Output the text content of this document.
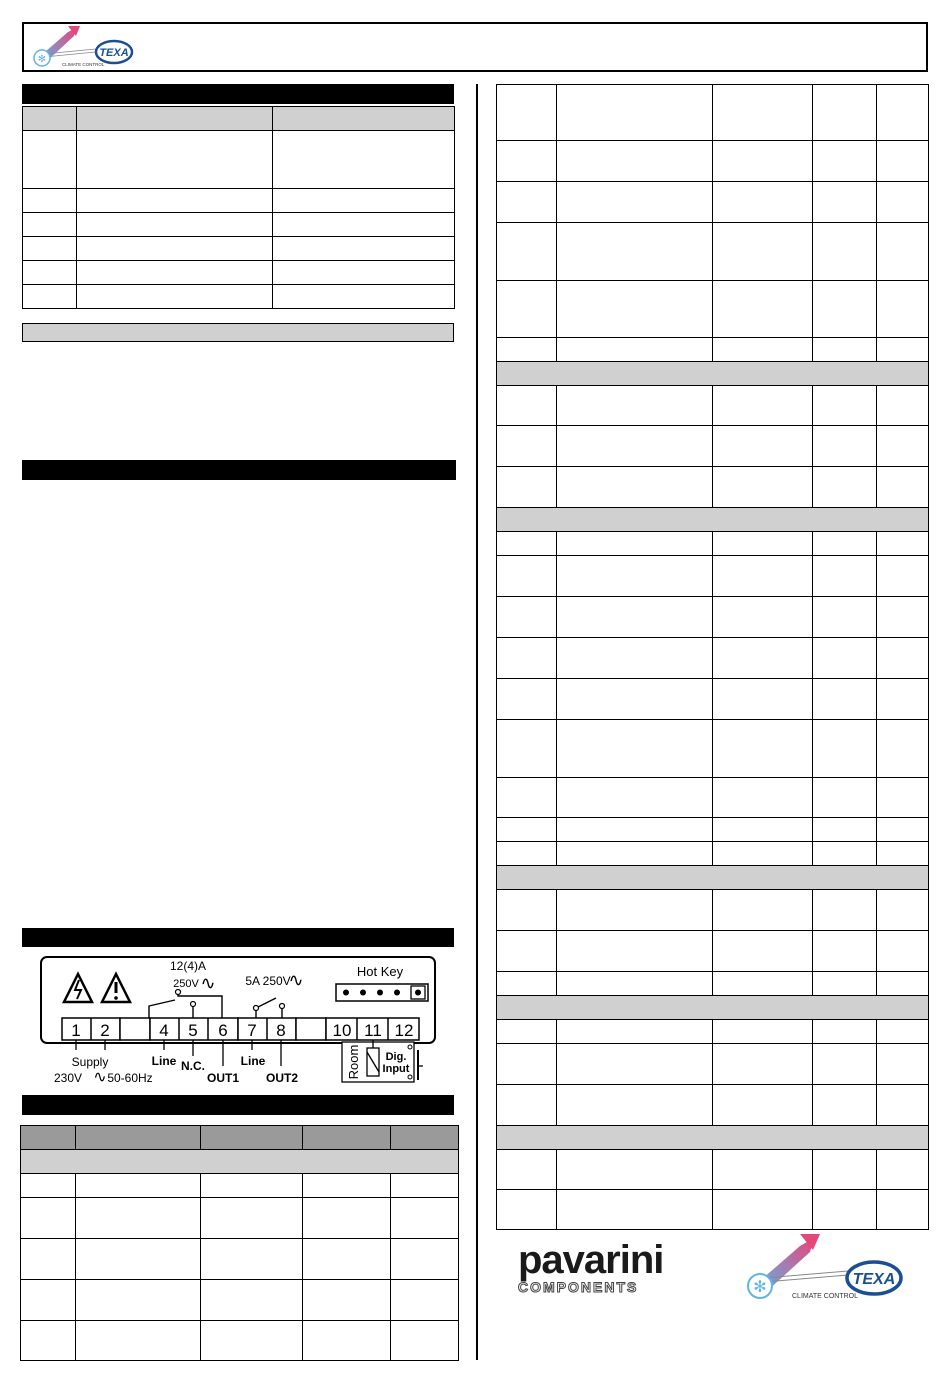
✻
TEXA
CLIMATE CONTROL

12(4)A
250V ∿ 5A 250V
∿	Hot Key
1 2	4 5 6 7 8	10 11 12
Supply
230V ∿ 50-60Hz
Line N.C.
OUT1
Line
OUT2	Room Dig.
Input

pavarini
COMPONENTS	✻	TEXA
CLIMATE CONTROL
